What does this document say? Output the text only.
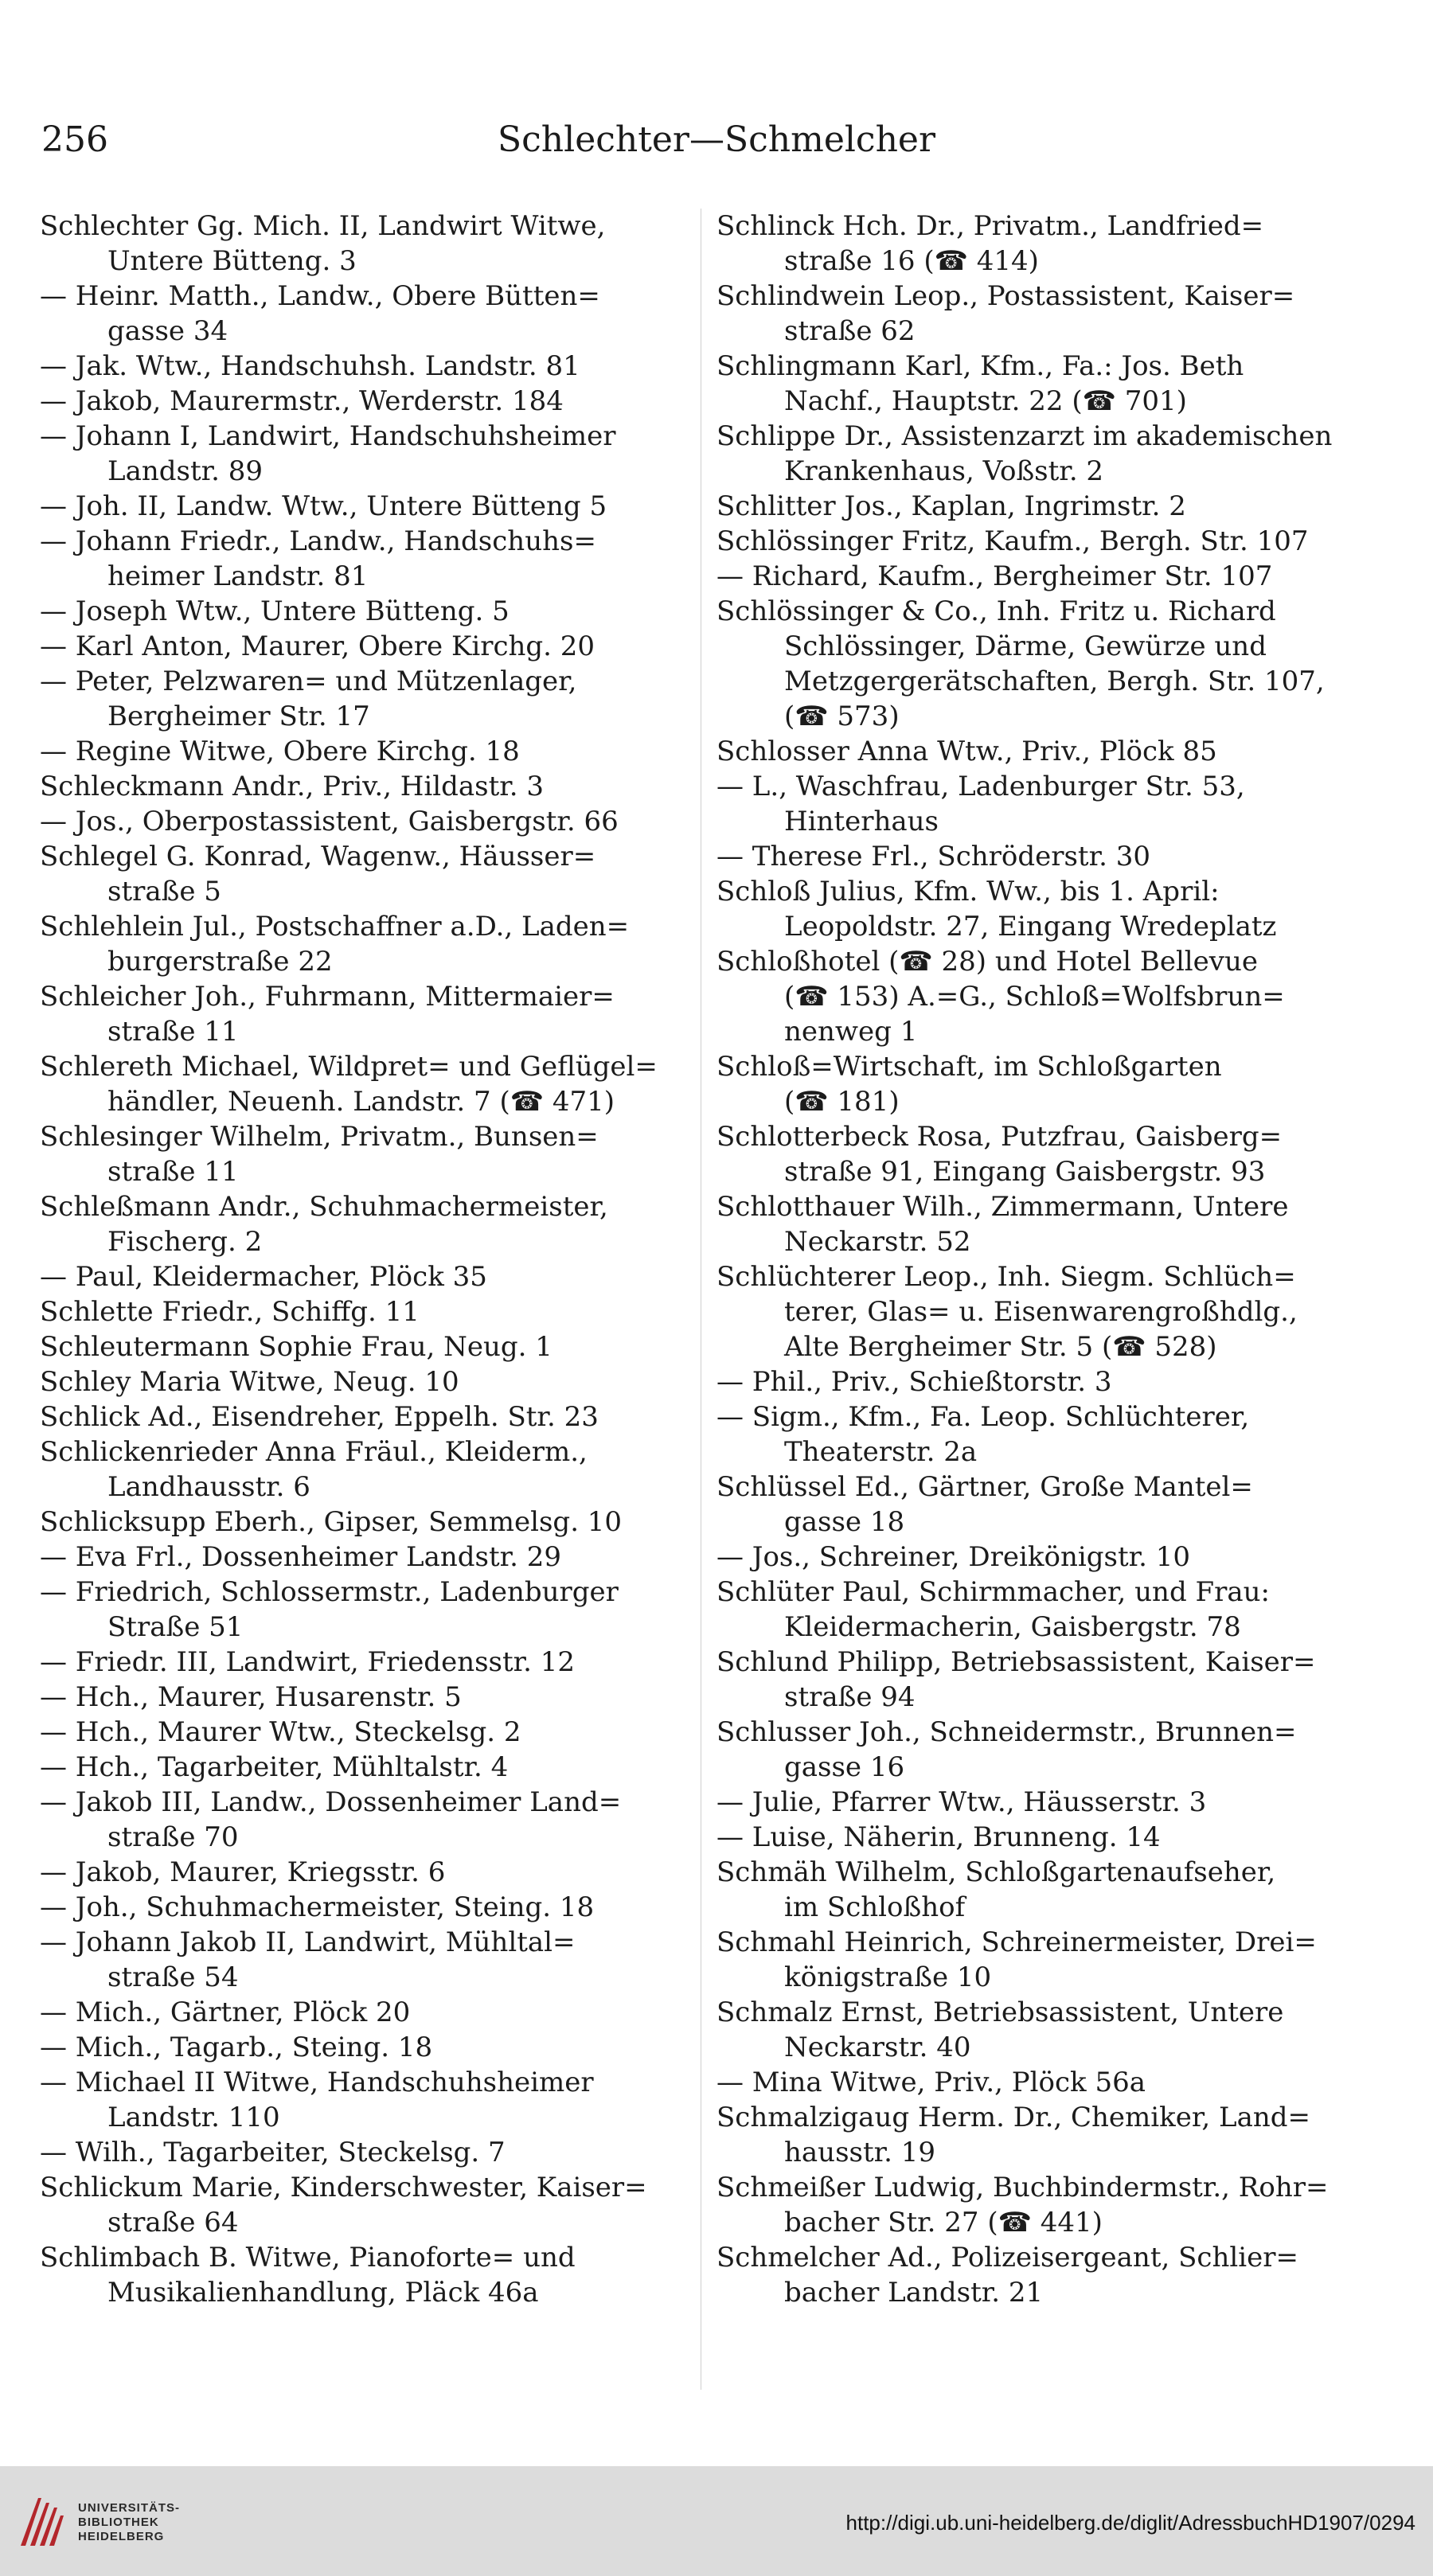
256	Schlechter—Schmelcher
Schlechter Gg. Mich. II, Landwirt Witwe,
Untere Bütteng. 3
— Heinr. Matth., Landw., Obere Bütten=
gasse 34
— Jak. Wtw., Handschuhsh. Landstr. 81
— Jakob, Maurermstr., Werderstr. 184
— Johann I, Landwirt, Handschuhsheimer
Landstr. 89
— Joh. II, Landw. Wtw., Untere Bütteng 5
— Johann Friedr., Landw., Handschuhs=
heimer Landstr. 81
— Joseph Wtw., Untere Bütteng. 5
— Karl Anton, Maurer, Obere Kirchg. 20
— Peter, Pelzwaren= und Mützenlager,
Bergheimer Str. 17
— Regine Witwe, Obere Kirchg. 18
Schleckmann Andr., Priv., Hildastr. 3
— Jos., Oberpostassistent, Gaisbergstr. 66
Schlegel G. Konrad, Wagenw., Häusser=
straße 5
Schlehlein Jul., Postschaffner a.D., Laden=
burgerstraße 22
Schleicher Joh., Fuhrmann, Mittermaier=
straße 11
Schlereth Michael, Wildpret= und Geflügel=
händler, Neuenh. Landstr. 7 (☎ 471)
Schlesinger Wilhelm, Privatm., Bunsen=
straße 11
Schleßmann Andr., Schuhmachermeister,
Fischerg. 2
— Paul, Kleidermacher, Plöck 35
Schlette Friedr., Schiffg. 11
Schleutermann Sophie Frau, Neug. 1
Schley Maria Witwe, Neug. 10
Schlick Ad., Eisendreher, Eppelh. Str. 23
Schlickenrieder Anna Fräul., Kleiderm.,
Landhausstr. 6
Schlicksupp Eberh., Gipser, Semmelsg. 10
— Eva Frl., Dossenheimer Landstr. 29
— Friedrich, Schlossermstr., Ladenburger
Straße 51
— Friedr. III, Landwirt, Friedensstr. 12
— Hch., Maurer, Husarenstr. 5
— Hch., Maurer Wtw., Steckelsg. 2
— Hch., Tagarbeiter, Mühltalstr. 4
— Jakob III, Landw., Dossenheimer Land=
straße 70
— Jakob, Maurer, Kriegsstr. 6
— Joh., Schuhmachermeister, Steing. 18
— Johann Jakob II, Landwirt, Mühltal=
straße 54
— Mich., Gärtner, Plöck 20
— Mich., Tagarb., Steing. 18
— Michael II Witwe, Handschuhsheimer
Landstr. 110
— Wilh., Tagarbeiter, Steckelsg. 7
Schlickum Marie, Kinderschwester, Kaiser=
straße 64
Schlimbach B. Witwe, Pianoforte= und
Musikalienhandlung, Pläck 46a
Schlinck Hch. Dr., Privatm., Landfried=
straße 16 (☎ 414)
Schlindwein Leop., Postassistent, Kaiser=
straße 62
Schlingmann Karl, Kfm., Fa.: Jos. Beth
Nachf., Hauptstr. 22 (☎ 701)
Schlippe Dr., Assistenzarzt im akademischen
Krankenhaus, Voßstr. 2
Schlitter Jos., Kaplan, Ingrimstr. 2
Schlössinger Fritz, Kaufm., Bergh. Str. 107
— Richard, Kaufm., Bergheimer Str. 107
Schlössinger & Co., Inh. Fritz u. Richard
Schlössinger, Därme, Gewürze und
Metzgergerätschaften, Bergh. Str. 107,
(☎ 573)
Schlosser Anna Wtw., Priv., Plöck 85
— L., Waschfrau, Ladenburger Str. 53,
Hinterhaus
— Therese Frl., Schröderstr. 30
Schloß Julius, Kfm. Ww., bis 1. April:
Leopoldstr. 27, Eingang Wredeplatz
Schloßhotel (☎ 28) und Hotel Bellevue
(☎ 153) A.=G., Schloß=Wolfsbrun=
nenweg 1
Schloß=Wirtschaft, im Schloßgarten
(☎ 181)
Schlotterbeck Rosa, Putzfrau, Gaisberg=
straße 91, Eingang Gaisbergstr. 93
Schlotthauer Wilh., Zimmermann, Untere
Neckarstr. 52
Schlüchterer Leop., Inh. Siegm. Schlüch=
terer, Glas= u. Eisenwarengroßhdlg.,
Alte Bergheimer Str. 5 (☎ 528)
— Phil., Priv., Schießtorstr. 3
— Sigm., Kfm., Fa. Leop. Schlüchterer,
Theaterstr. 2a
Schlüssel Ed., Gärtner, Große Mantel=
gasse 18
— Jos., Schreiner, Dreikönigstr. 10
Schlüter Paul, Schirmmacher, und Frau:
Kleidermacherin, Gaisbergstr. 78
Schlund Philipp, Betriebsassistent, Kaiser=
straße 94
Schlusser Joh., Schneidermstr., Brunnen=
gasse 16
— Julie, Pfarrer Wtw., Häusserstr. 3
— Luise, Näherin, Brunneng. 14
Schmäh Wilhelm, Schloßgartenaufseher,
im Schloßhof
Schmahl Heinrich, Schreinermeister, Drei=
königstraße 10
Schmalz Ernst, Betriebsassistent, Untere
Neckarstr. 40
— Mina Witwe, Priv., Plöck 56a
Schmalzigaug Herm. Dr., Chemiker, Land=
hausstr. 19
Schmeißer Ludwig, Buchbindermstr., Rohr=
bacher Str. 27 (☎ 441)
Schmelcher Ad., Polizeisergeant, Schlier=
bacher Landstr. 21
UNIVERSITÄTS-
BIBLIOTHEK
HEIDELBERG
http://digi.ub.uni-heidelberg.de/diglit/AdressbuchHD1907/0294
